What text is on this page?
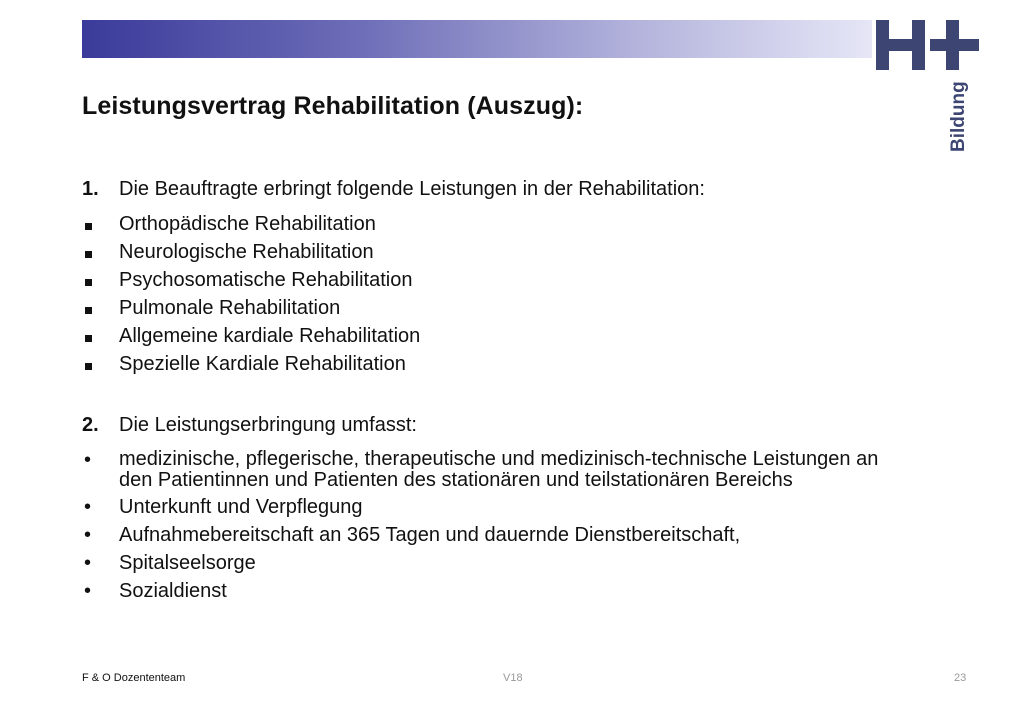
Bildung
Leistungsvertrag Rehabilitation (Auszug):
1.	Die Beauftragte erbringt folgende Leistungen in der Rehabilitation:
Orthopädische Rehabilitation
Neurologische Rehabilitation
Psychosomatische Rehabilitation
Pulmonale Rehabilitation
Allgemeine kardiale Rehabilitation
Spezielle Kardiale Rehabilitation
2.	Die Leistungserbringung umfasst:
•	medizinische, pflegerische, therapeutische und medizinisch-technische Leistungen an den Patientinnen und Patienten des stationären und teilstationären Bereichs
•	Unterkunft und Verpflegung
•	Aufnahmebereitschaft an 365 Tagen und dauernde Dienstbereitschaft,
•	Spitalseelsorge
•	Sozialdienst
F & O Dozententeam	V18	23
